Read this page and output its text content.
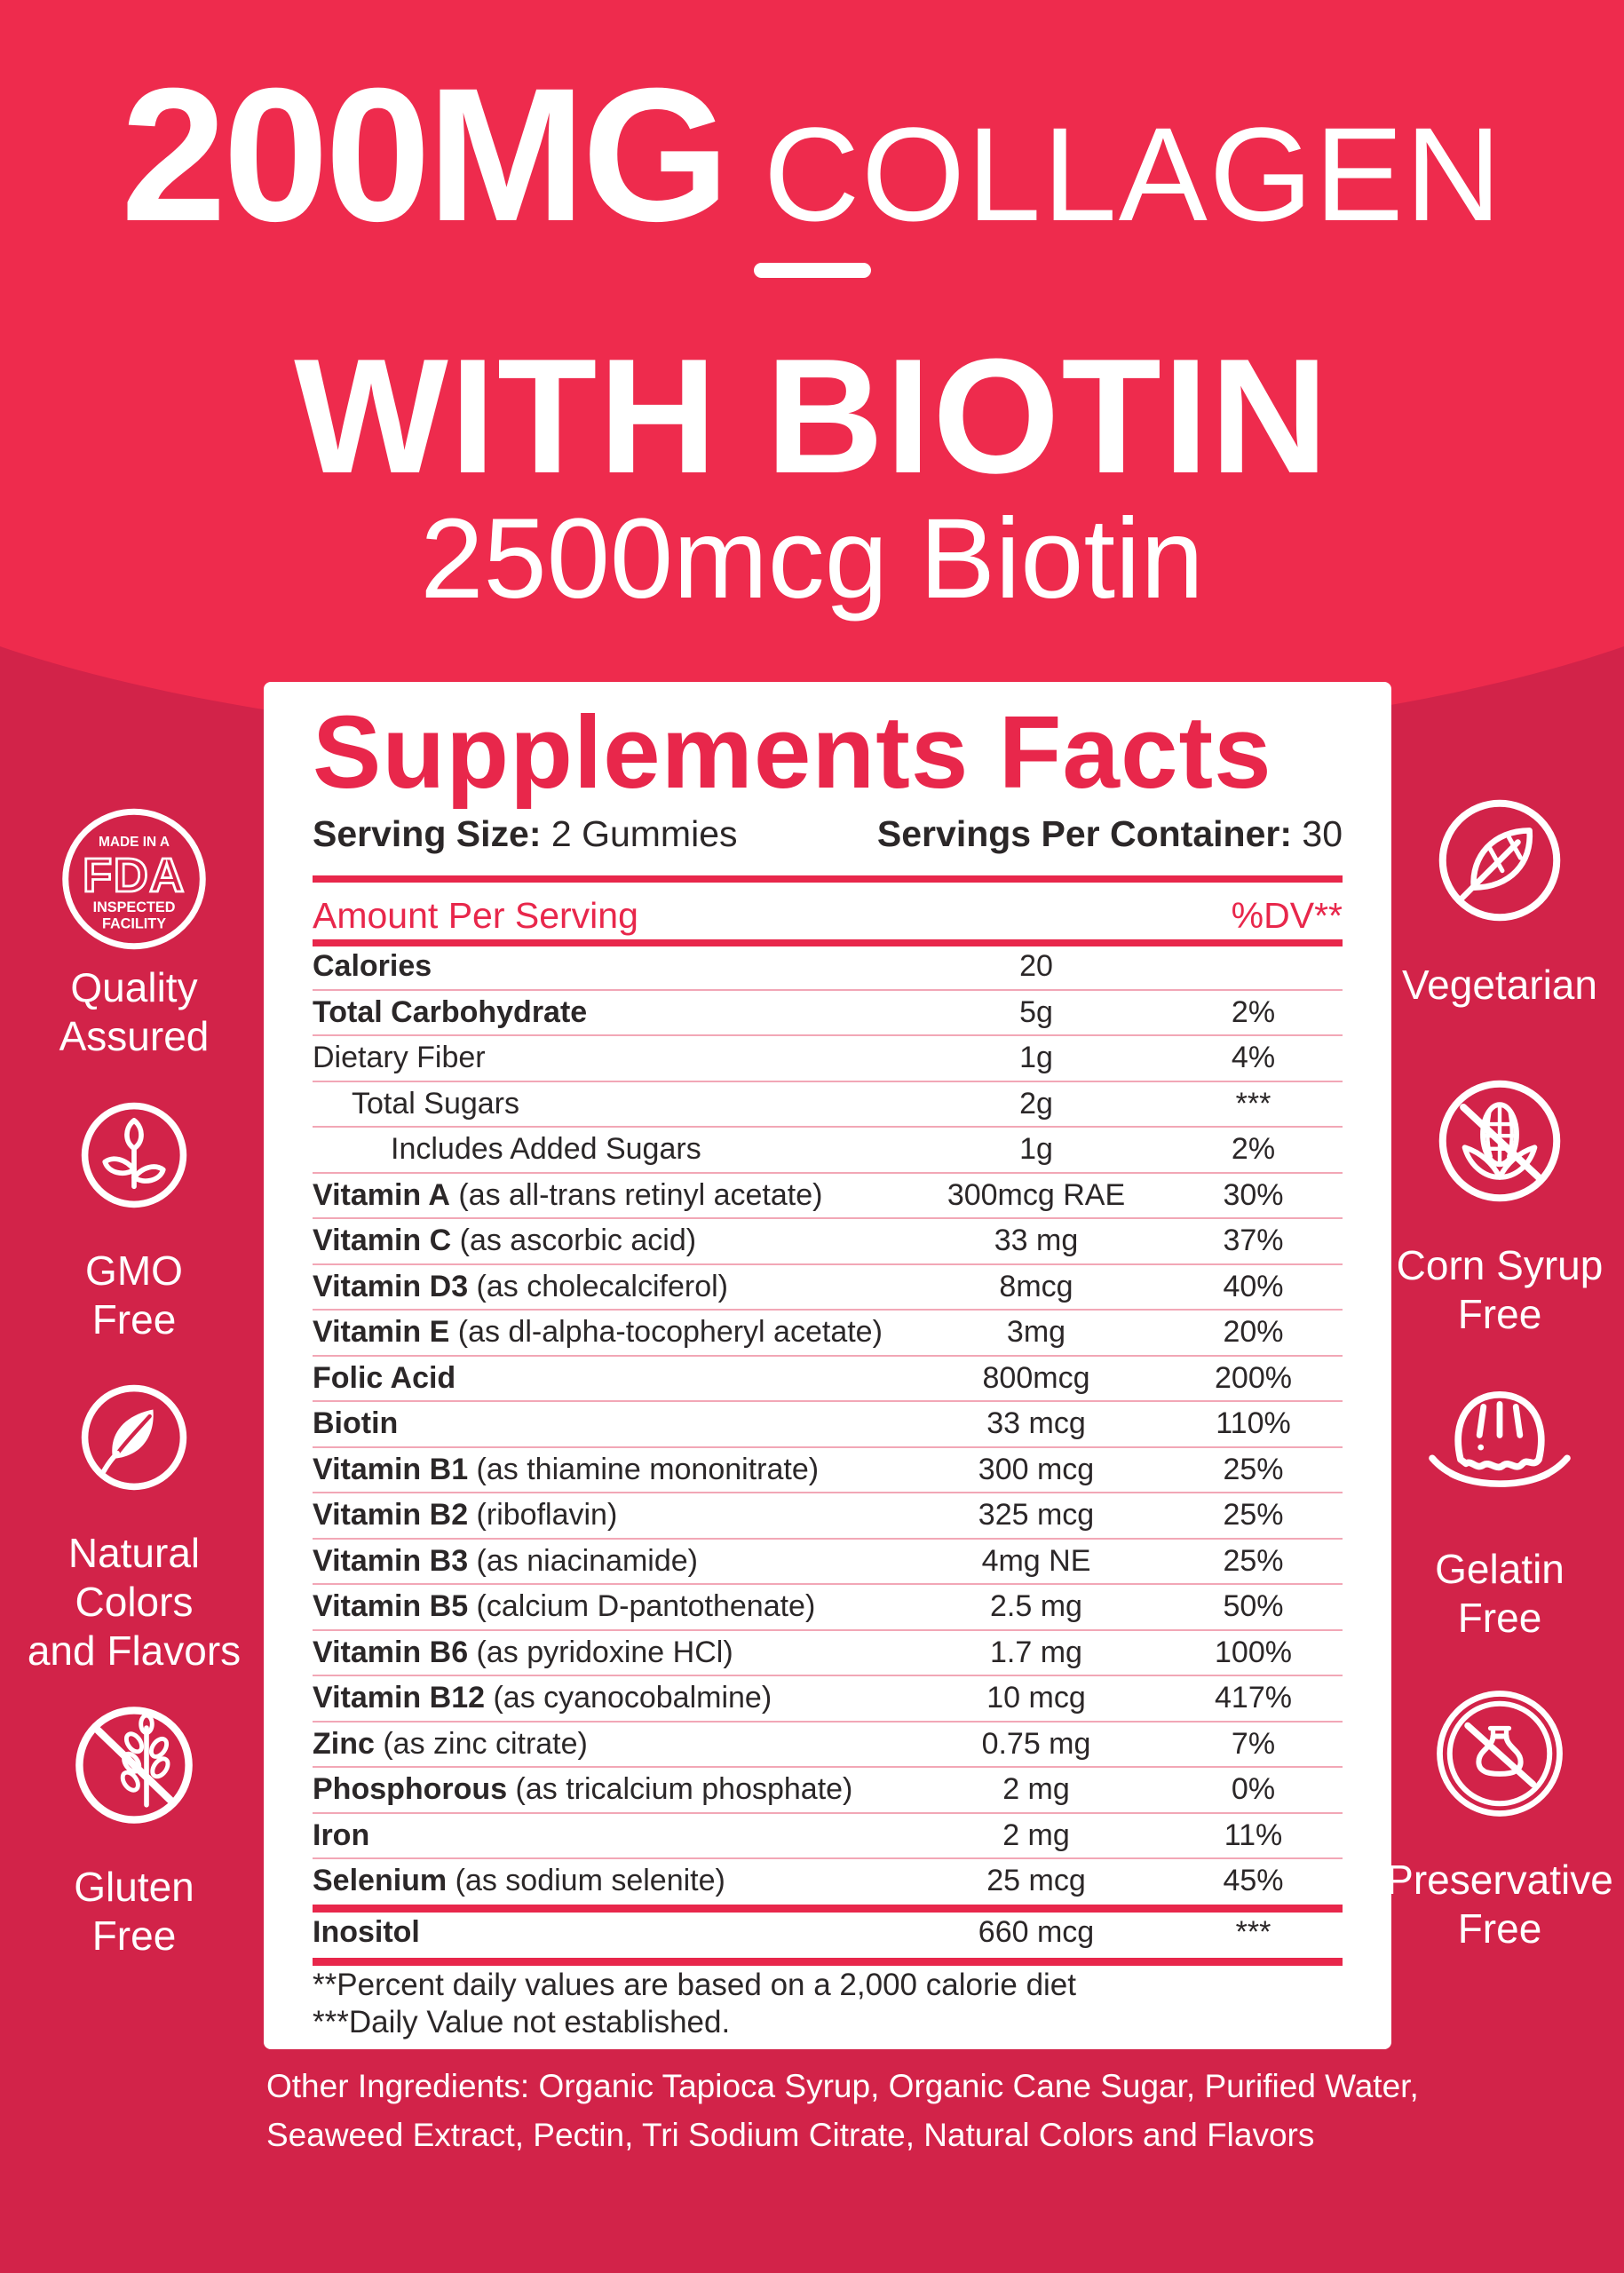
200MG COLLAGEN
WITH BIOTIN
2500mcg Biotin
Supplements Facts
Serving Size: 2 Gummies	Servings Per Container: 30
Amount Per Serving	%DV**
Calories	20
Total Carbohydrate	5g	2%
Dietary Fiber	1g	4%
Total Sugars	2g	***
Includes Added Sugars	1g	2%
Vitamin A (as all-trans retinyl acetate)	300mcg RAE	30%
Vitamin C (as ascorbic acid)	33 mg	37%
Vitamin D3 (as cholecalciferol)	8mcg	40%
Vitamin E (as dl-alpha-tocopheryl acetate)	3mg	20%
Folic Acid	800mcg	200%
Biotin	33 mcg	110%
Vitamin B1 (as thiamine mononitrate)	300 mcg	25%
Vitamin B2 (riboflavin)	325 mcg	25%
Vitamin B3 (as niacinamide)	4mg NE	25%
Vitamin B5 (calcium D-pantothenate)	2.5 mg	50%
Vitamin B6 (as pyridoxine HCl)	1.7 mg	100%
Vitamin B12 (as cyanocobalmine)	10 mcg	417%
Zinc (as zinc citrate)	0.75 mg	7%
Phosphorous (as tricalcium phosphate)	2 mg	0%
Iron	2 mg	11%
Selenium (as sodium selenite)	25 mcg	45%
Inositol	660 mcg	***
**Percent daily values are based on a 2,000 calorie diet
***Daily Value not established.
Other Ingredients: Organic Tapioca Syrup, Organic Cane Sugar, Purified Water, Seaweed Extract, Pectin, Tri Sodium Citrate, Natural Colors and Flavors
Quality
Assured
GMO
Free
Natural
Colors
and Flavors
Gluten
Free
Vegetarian
Corn Syrup
Free
Gelatin
Free
Preservative
Free
